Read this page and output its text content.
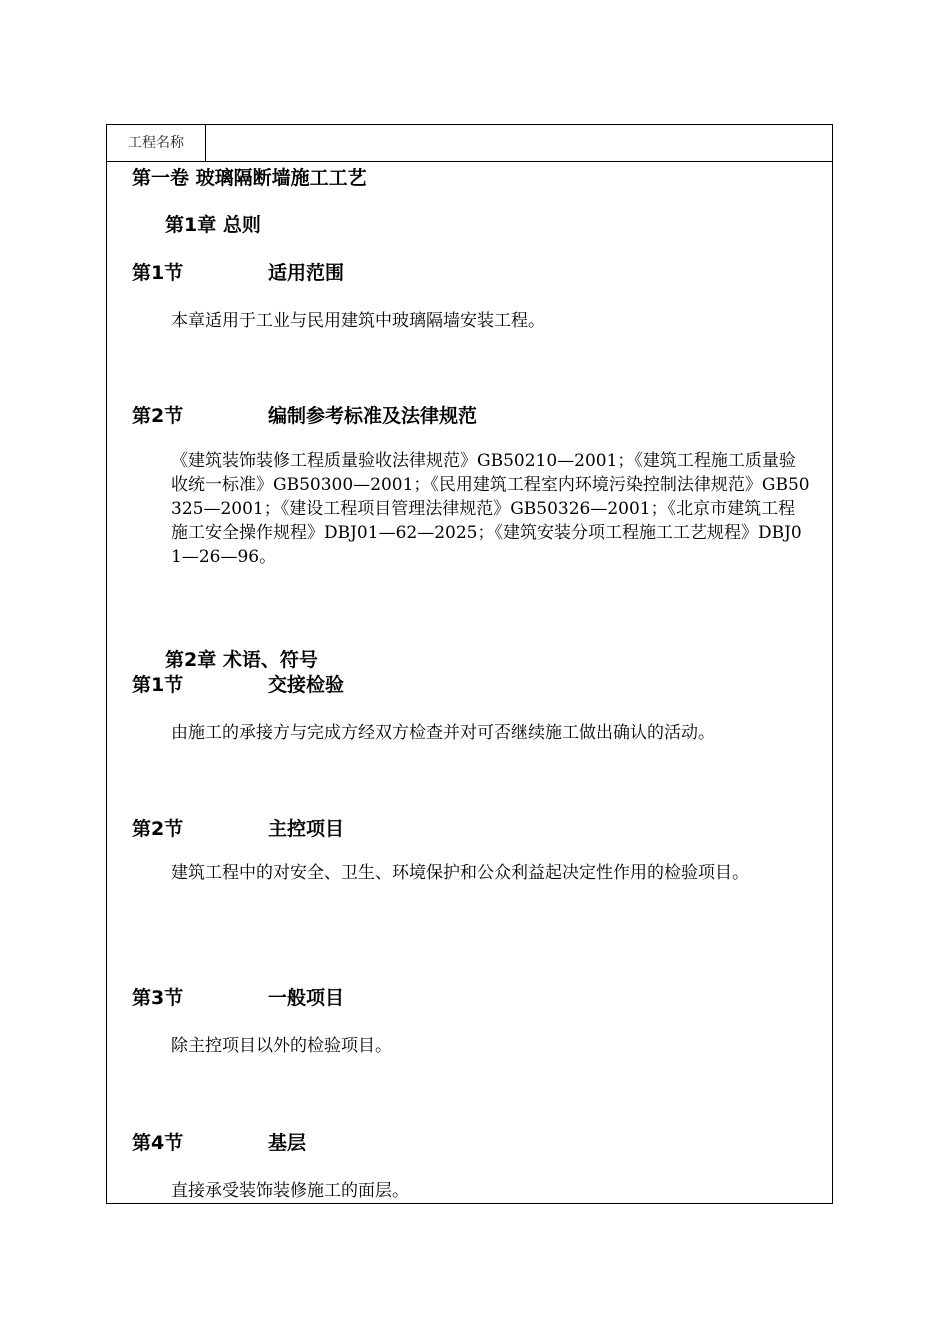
工程名称
第一卷 玻璃隔断墙施工工艺
第1章 总则
第1节	适用范围
本章适用于工业与民用建筑中玻璃隔墙安装工程。
第2节	编制参考标准及法律规范
《建筑装饰装修工程质量验收法律规范》GB50210—2001；《建筑工程施工质量验收统一标准》GB50300—2001；《民用建筑工程室内环境污染控制法律规范》GB50325—2001；《建设工程项目管理法律规范》GB50326—2001；《北京市建筑工程施工安全操作规程》DBJ01—62—2025；《建筑安装分项工程施工工艺规程》DBJ01—26—96。
第2章 术语、符号
第1节	交接检验
由施工的承接方与完成方经双方检查并对可否继续施工做出确认的活动。
第2节	主控项目
建筑工程中的对安全、卫生、环境保护和公众利益起决定性作用的检验项目。
第3节	一般项目
除主控项目以外的检验项目。
第4节	基层
直接承受装饰装修施工的面层。
